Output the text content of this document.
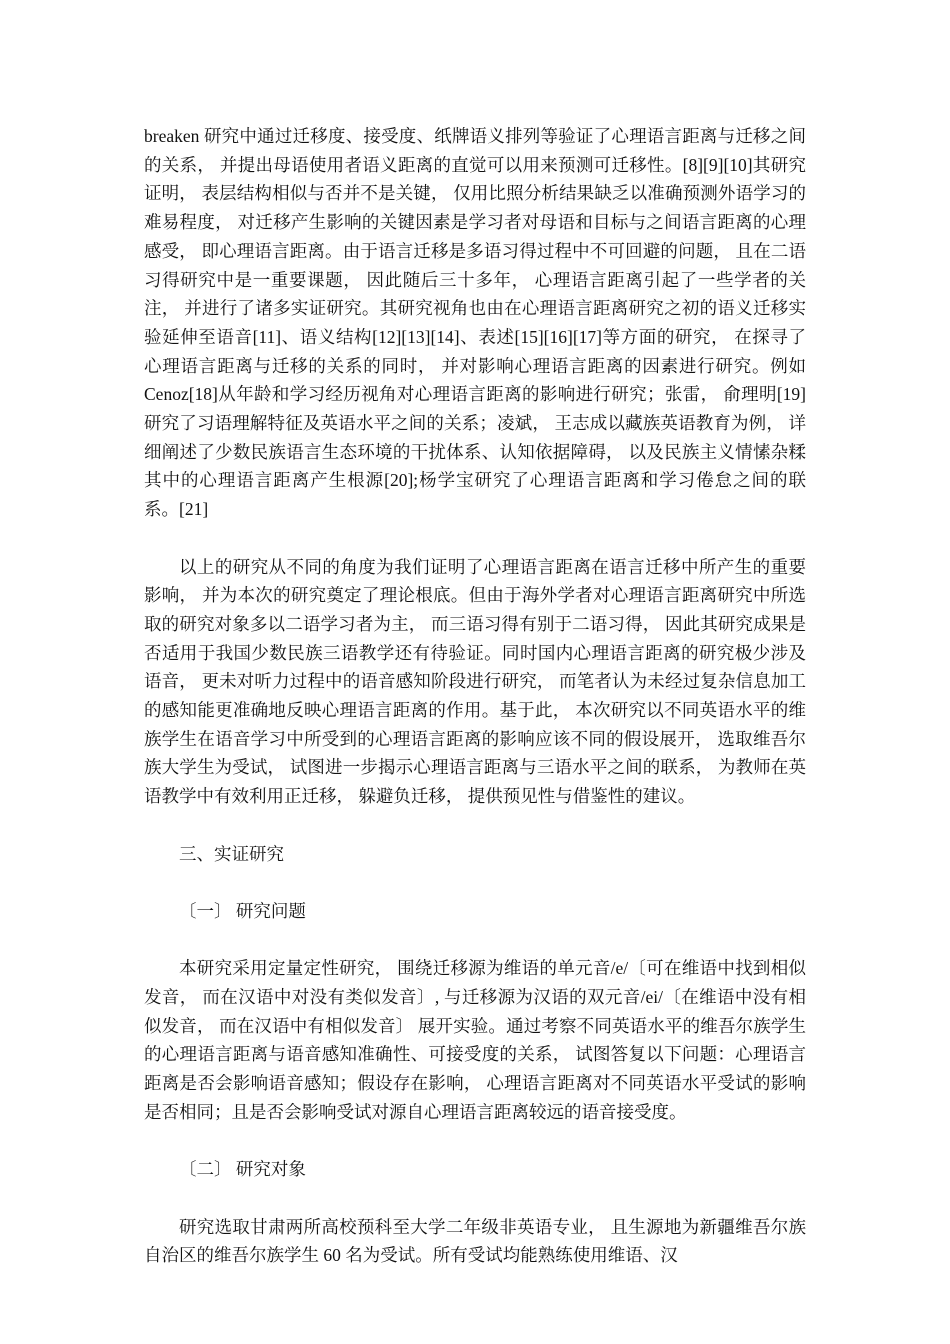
breaken 研究中通过迁移度、接受度、纸牌语义排列等验证了心理语言距离与迁移之间的关系， 并提出母语使用者语义距离的直觉可以用来预测可迁移性。[8][9][10]其研究证明， 表层结构相似与否并不是关键， 仅用比照分析结果缺乏以准确预测外语学习的难易程度， 对迁移产生影响的关键因素是学习者对母语和目标与之间语言距离的心理感受， 即心理语言距离。由于语言迁移是多语习得过程中不可回避的问题， 且在二语习得研究中是一重要课题， 因此随后三十多年， 心理语言距离引起了一些学者的关注， 并进行了诸多实证研究。其研究视角也由在心理语言距离研究之初的语义迁移实验延伸至语音[11]、语义结构[12][13][14]、表述[15][16][17]等方面的研究， 在探寻了心理语言距离与迁移的关系的同时， 并对影响心理语言距离的因素进行研究。例如 Cenoz[18]从年龄和学习经历视角对心理语言距离的影响进行研究；张雷， 俞理明[19]研究了习语理解特征及英语水平之间的关系；凌斌， 王志成以藏族英语教育为例， 详细阐述了少数民族语言生态环境的干扰体系、认知依据障碍， 以及民族主义情愫杂糅其中的心理语言距离产生根源[20];杨学宝研究了心理语言距离和学习倦怠之间的联系。[21]

以上的研究从不同的角度为我们证明了心理语言距离在语言迁移中所产生的重要影响， 并为本次的研究奠定了理论根底。但由于海外学者对心理语言距离研究中所选取的研究对象多以二语学习者为主， 而三语习得有别于二语习得， 因此其研究成果是否适用于我国少数民族三语教学还有待验证。同时国内心理语言距离的研究极少涉及语音， 更未对听力过程中的语音感知阶段进行研究， 而笔者认为未经过复杂信息加工的感知能更准确地反映心理语言距离的作用。基于此， 本次研究以不同英语水平的维族学生在语音学习中所受到的心理语言距离的影响应该不同的假设展开， 选取维吾尔族大学生为受试， 试图进一步揭示心理语言距离与三语水平之间的联系， 为教师在英语教学中有效利用正迁移， 躲避负迁移， 提供预见性与借鉴性的建议。

三、实证研究

〔一〕 研究问题

本研究采用定量定性研究， 围绕迁移源为维语的单元音/e/〔可在维语中找到相似发音， 而在汉语中对没有类似发音〕, 与迁移源为汉语的双元音/ei/〔在维语中没有相似发音， 而在汉语中有相似发音〕 展开实验。通过考察不同英语水平的维吾尔族学生的心理语言距离与语音感知准确性、可接受度的关系， 试图答复以下问题：心理语言距离是否会影响语音感知；假设存在影响， 心理语言距离对不同英语水平受试的影响是否相同；且是否会影响受试对源自心理语言距离较远的语音接受度。

〔二〕 研究对象

研究选取甘肃两所高校预科至大学二年级非英语专业， 且生源地为新疆维吾尔族自治区的维吾尔族学生 60 名为受试。所有受试均能熟练使用维语、汉
